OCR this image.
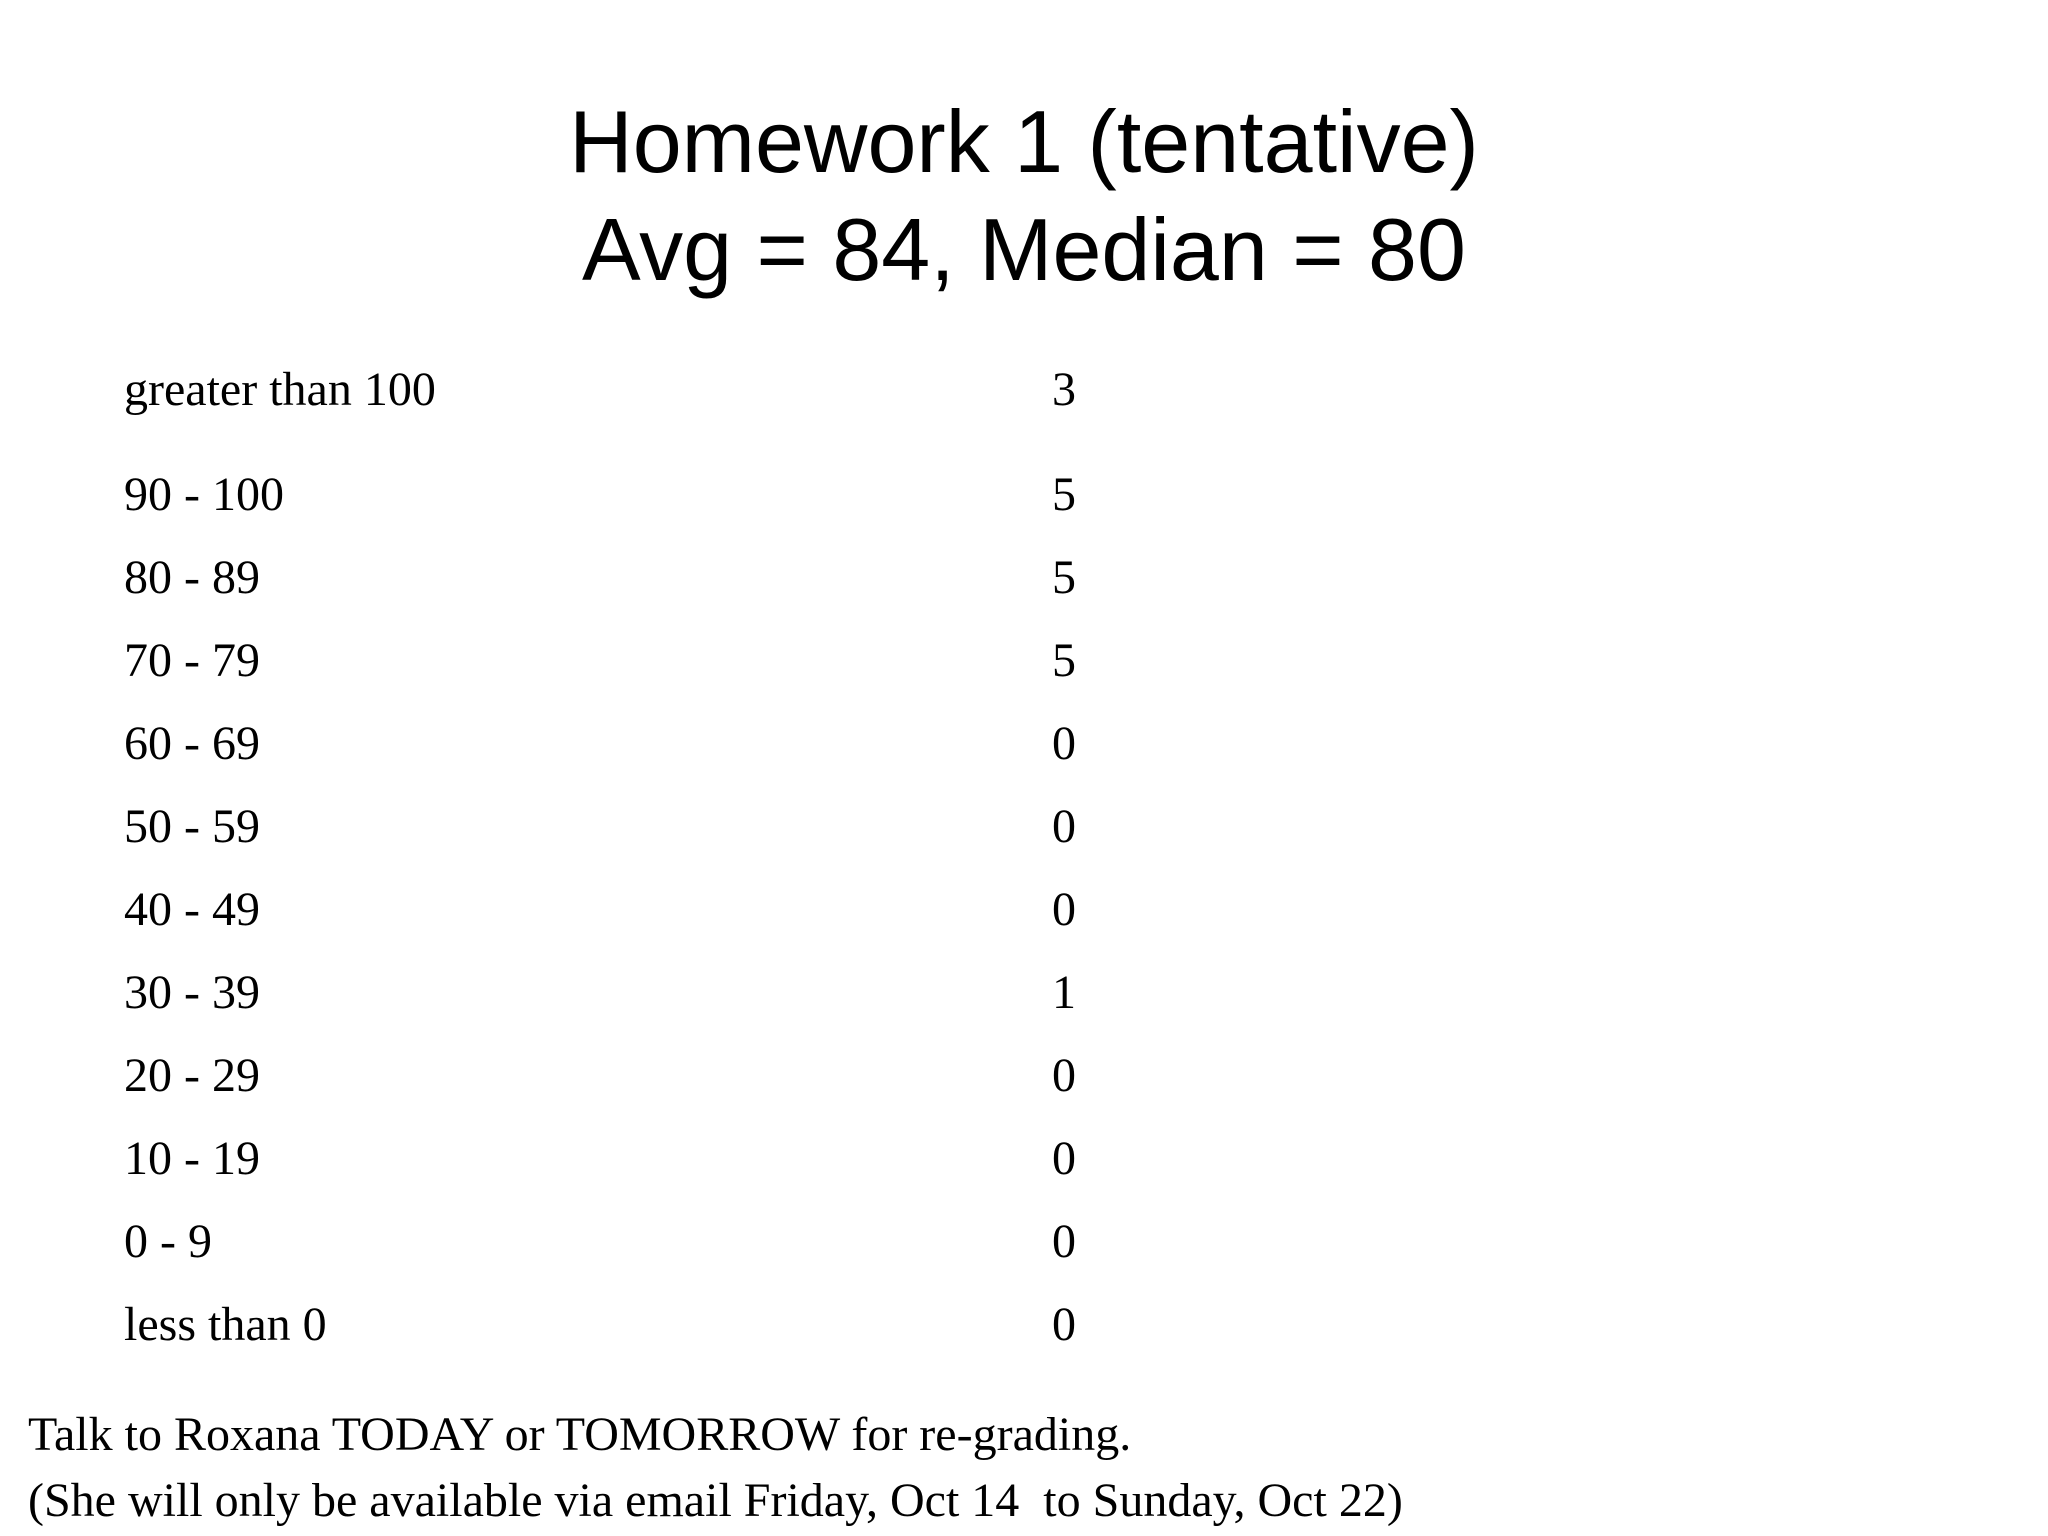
Homework 1 (tentative)
Avg = 84, Median = 80
greater than 100	3
90 - 100	5
80 - 89	5
70 - 79	5
60 - 69	0
50 - 59	0
40 - 49	0
30 - 39	1
20 - 29	0
10 - 19	0
0 - 9	0
less than 0	0
Talk to Roxana TODAY or TOMORROW for re-grading.
(She will only be available via email Friday, Oct 14  to Sunday, Oct 22)
